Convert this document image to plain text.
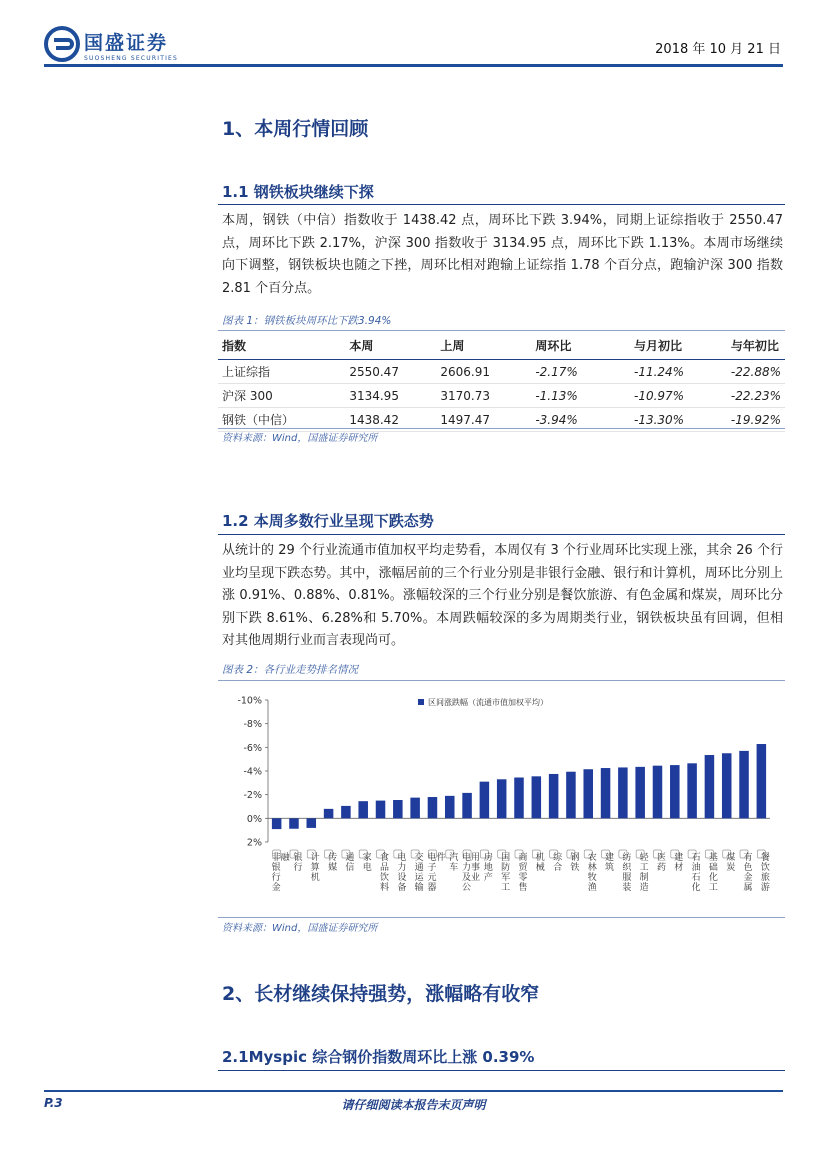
国盛证券
SUOSHENG SECURITIES
2018 年 10 月 21 日
1、本周行情回顾
1.1 钢铁板块继续下探
本周，钢铁（中信）指数收于 1438.42 点，周环比下跌 3.94%，同期上证综指收于 2550.47 点，周环比下跌 2.17%，沪深 300 指数收于 3134.95 点，周环比下跌 1.13%。本周市场继续向下调整，钢铁板块也随之下挫，周环比相对跑输上证综指 1.78 个百分点，跑输沪深 300 指数 2.81 个百分点。
图表 1：钢铁板块周环比下跌3.94%
指数	本周	上周	周环比	与月初比	与年初比
上证综指	2550.47	2606.91	-2.17%	-11.24%	-22.88%
沪深 300	3134.95	3170.73	-1.13%	-10.97%	-22.23%
钢铁（中信）	1438.42	1497.47	-3.94%	-13.30%	-19.92%
资料来源：Wind，国盛证券研究所
1.2 本周多数行业呈现下跌态势
从统计的 29 个行业流通市值加权平均走势看，本周仅有 3 个行业周环比实现上涨，其余 26 个行业均呈现下跌态势。其中，涨幅居前的三个行业分别是非银行金融、银行和计算机，周环比分别上涨 0.91%、0.88%、0.81%。涨幅较深的三个行业分别是餐饮旅游、有色金属和煤炭，周环比分别下跌 8.61%、6.28%和 5.70%。本周跌幅较深的多为周期类行业，钢铁板块虽有回调，但相对其他周期行业而言表现尚可。
图表 2：各行业走势排名情况
-10%
-8%
-6%
-4%
-2%
0%
2%
非
银
行
金
融 银
行
计
算
机
传
媒
通
信
家
电
食
品
饮
料
电
力
设
备
交
通
运
输
电
子
元
器
件 汽
车
电
力
及
公
用
事
业
房
地
产
国
防
军
工
商
贸
零
售
机
械
综
合
钢
铁
农
林
牧
渔
建
筑
纺
织
服
装
轻
工
制
造
医
药
建
材
石
油
石
化
基
础
化
工
煤
炭
有
色
金
属
餐
饮
旅
游
区间涨跌幅（流通市值加权平均）
资料来源：Wind，国盛证券研究所
2、长材继续保持强势，涨幅略有收窄
2.1Myspic 综合钢价指数周环比上涨 0.39%
P.3	请仔细阅读本报告末页声明
